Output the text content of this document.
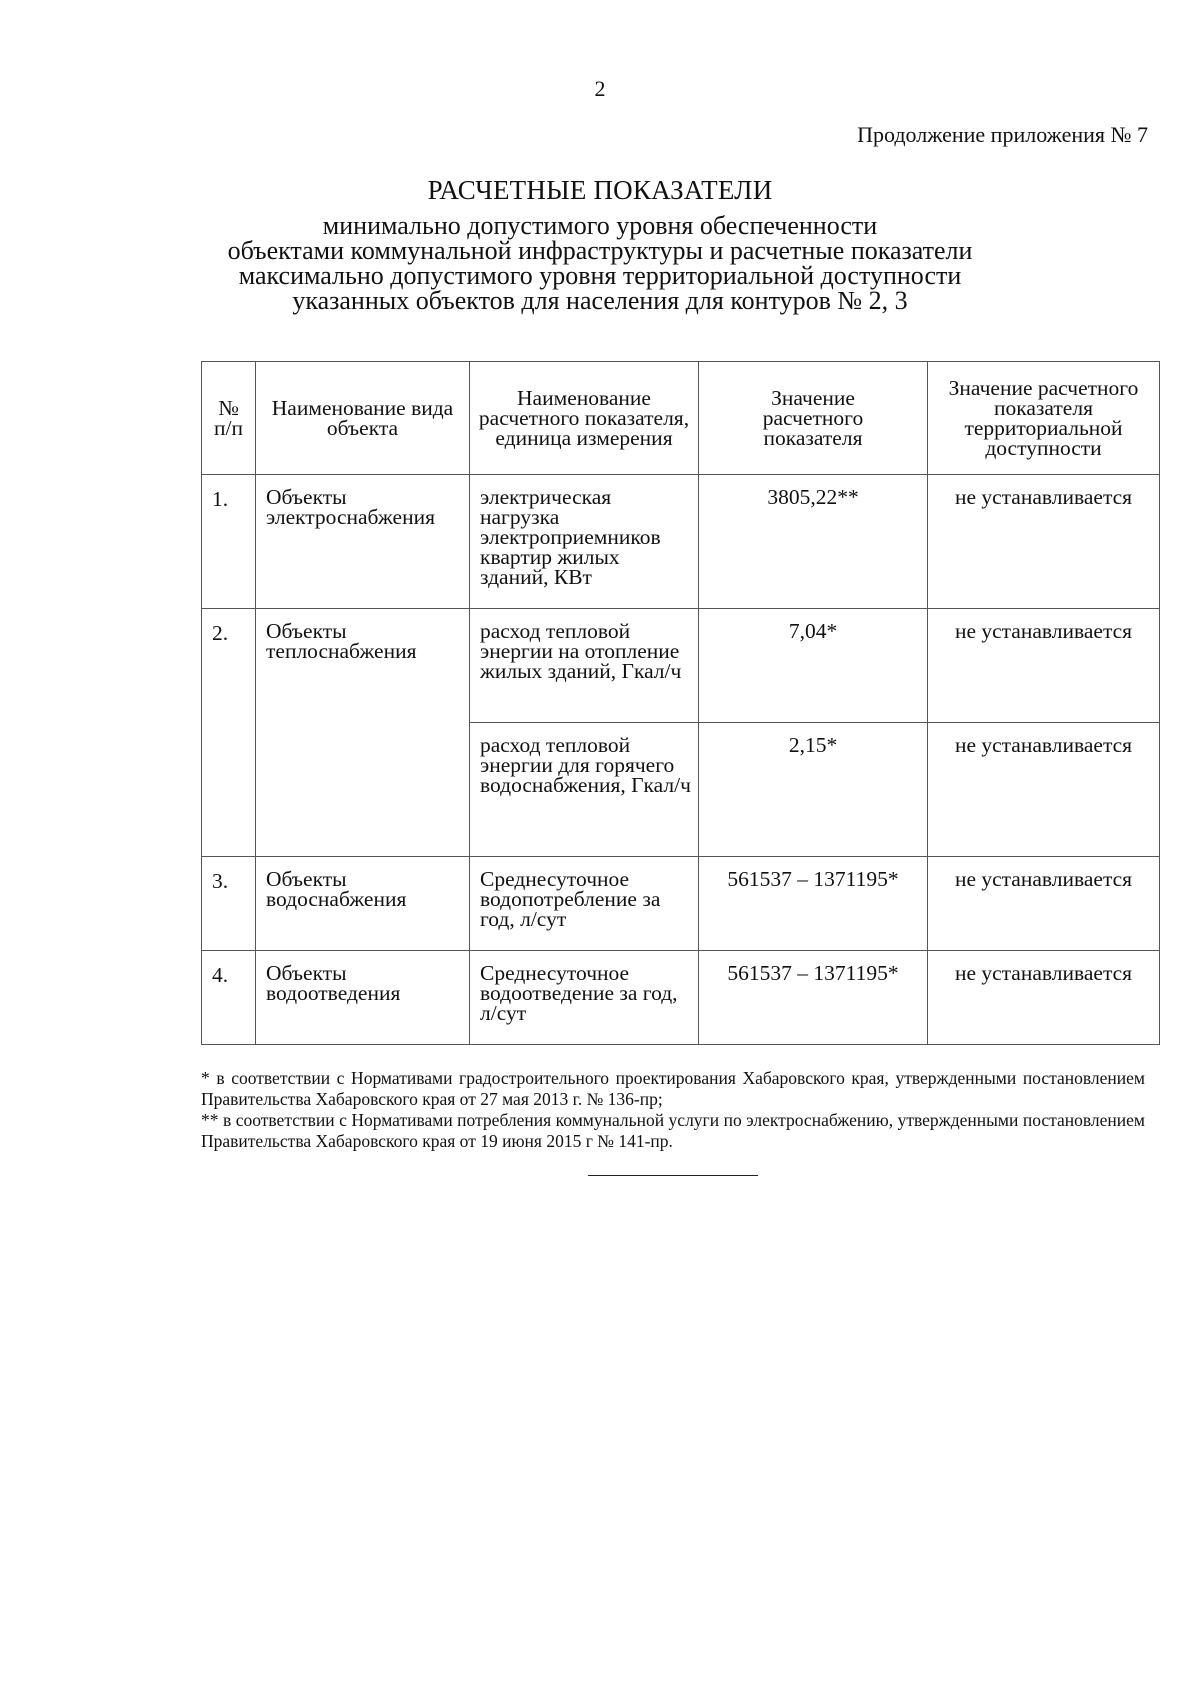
2
Продолжение приложения № 7
РАСЧЕТНЫЕ ПОКАЗАТЕЛИ
минимально допустимого уровня обеспеченности
объектами коммунальной инфраструктуры и расчетные показатели
максимально допустимого уровня территориальной доступности
указанных объектов для населения для контуров № 2, 3
№ п/п	Наименование вида объекта	Наименование расчетного показателя, единица измерения	Значение расчетного показателя	Значение расчетного показателя территориальной доступности
1.	Объекты электроснабжения	электрическая нагрузка электроприемников квартир жилых зданий, КВт	3805,22**	не устанавливается
2.	Объекты теплоснабжения	расход тепловой энергии на отопление жилых зданий, Гкал/ч	7,04*	не устанавливается
		расход тепловой энергии для горячего водоснабжения, Гкал/ч	2,15*	не устанавливается
3.	Объекты водоснабжения	Среднесуточное водопотребление за год, л/сут	561537 – 1371195*	не устанавливается
4.	Объекты водоотведения	Среднесуточное водоотведение за год, л/сут	561537 – 1371195*	не устанавливается

* в соответствии с Нормативами градостроительного проектирования Хабаровского края, утвержденными постановлением Правительства Хабаровского края от 27 мая 2013 г. № 136-пр;

** в соответствии с Нормативами потребления коммунальной услуги по электроснабжению, утвержденными постановлением Правительства Хабаровского края от 19 июня 2015 г № 141-пр.
